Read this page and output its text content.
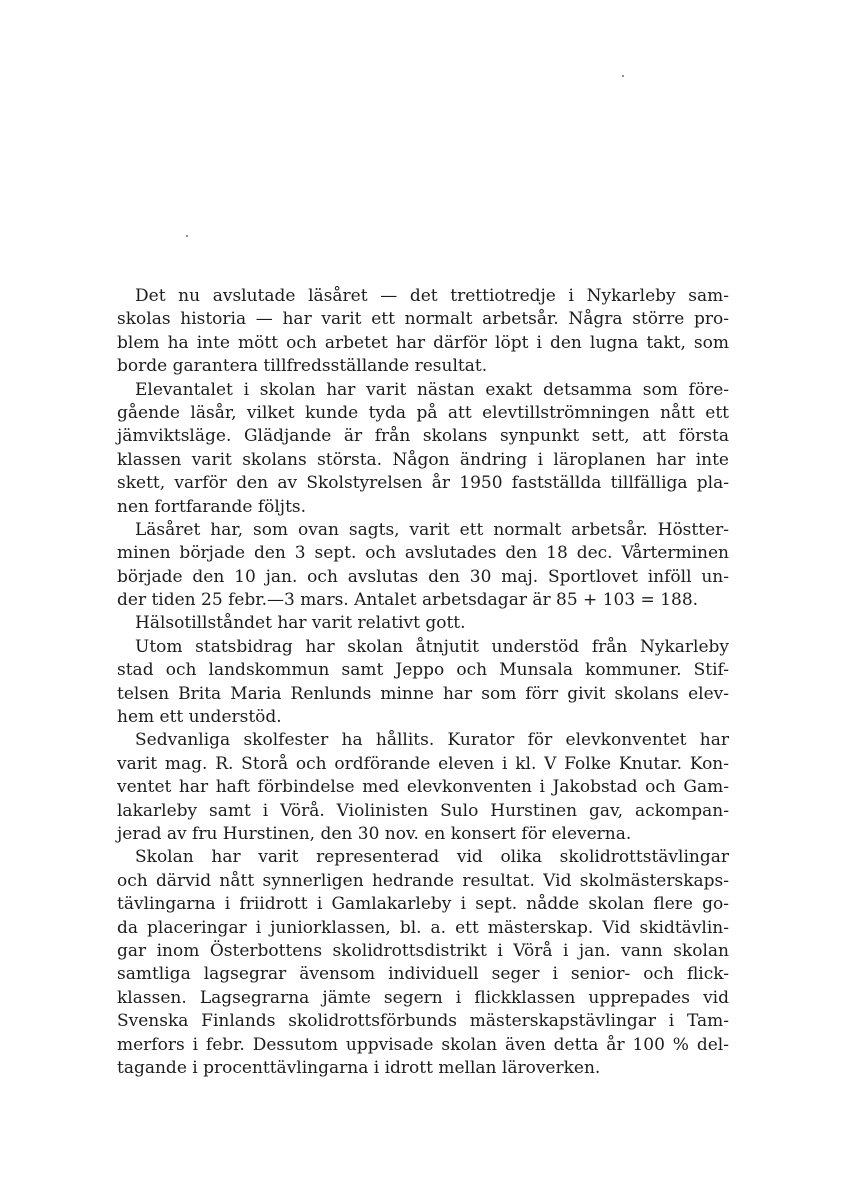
Det nu avslutade läsåret — det trettiotredje i Nykarleby sam-
skolas historia — har varit ett normalt arbetsår. Några större pro-
blem ha inte mött och arbetet har därför löpt i den lugna takt, som
borde garantera tillfredsställande resultat.
Elevantalet i skolan har varit nästan exakt detsamma som före-
gående läsår, vilket kunde tyda på att elevtillströmningen nått ett
jämviktsläge. Glädjande är från skolans synpunkt sett, att första
klassen varit skolans största. Någon ändring i läroplanen har inte
skett, varför den av Skolstyrelsen år 1950 fastställda tillfälliga pla-
nen fortfarande följts.
Läsåret har, som ovan sagts, varit ett normalt arbetsår. Höstter-
minen började den 3 sept. och avslutades den 18 dec. Vårterminen
började den 10 jan. och avslutas den 30 maj. Sportlovet inföll un-
der tiden 25 febr.—3 mars. Antalet arbetsdagar är 85 + 103 = 188.
Hälsotillståndet har varit relativt gott.
Utom statsbidrag har skolan åtnjutit understöd från Nykarleby
stad och landskommun samt Jeppo och Munsala kommuner. Stif-
telsen Brita Maria Renlunds minne har som förr givit skolans elev-
hem ett understöd.
Sedvanliga skolfester ha hållits. Kurator för elevkonventet har
varit mag. R. Storå och ordförande eleven i kl. V Folke Knutar. Kon-
ventet har haft förbindelse med elevkonventen i Jakobstad och Gam-
lakarleby samt i Vörå. Violinisten Sulo Hurstinen gav, ackompan-
jerad av fru Hurstinen, den 30 nov. en konsert för eleverna.
Skolan har varit representerad vid olika skolidrottstävlingar
och därvid nått synnerligen hedrande resultat. Vid skolmästerskaps-
tävlingarna i friidrott i Gamlakarleby i sept. nådde skolan flere go-
da placeringar i juniorklassen, bl. a. ett mästerskap. Vid skidtävlin-
gar inom Österbottens skolidrottsdistrikt i Vörå i jan. vann skolan
samtliga lagsegrar ävensom individuell seger i senior- och flick-
klassen. Lagsegrarna jämte segern i flickklassen upprepades vid
Svenska Finlands skolidrottsförbunds mästerskapstävlingar i Tam-
merfors i febr. Dessutom uppvisade skolan även detta år 100 % del-
tagande i procenttävlingarna i idrott mellan läroverken.
